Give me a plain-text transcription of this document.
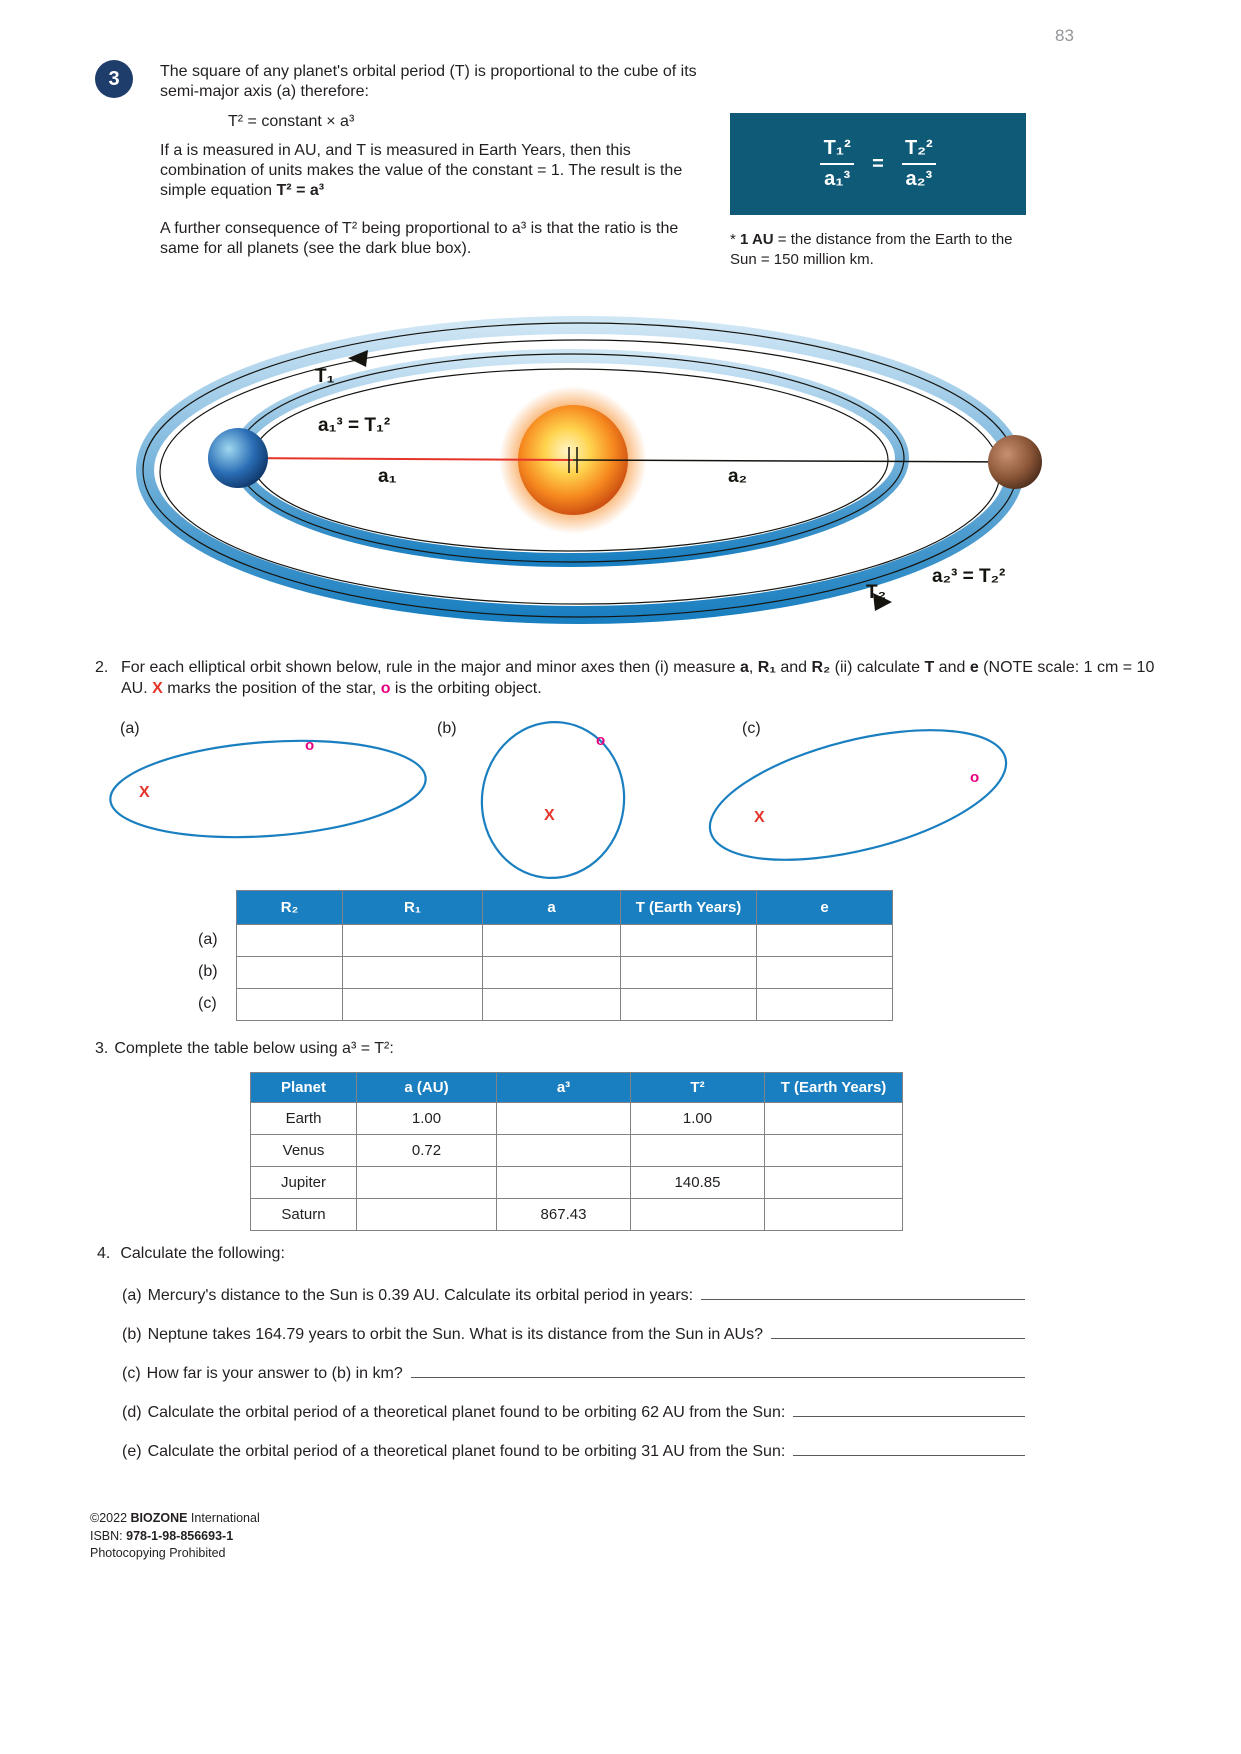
83
3	The square of any planet's orbital period (T) is proportional to the cube of its semi-major axis (a) therefore:

T² = constant × a³

If a is measured in AU, and T is measured in Earth Years, then this combination of units makes the value of the constant = 1. The result is the simple equation T² = a³

A further consequence of T² being proportional to a³ is that the ratio is the same for all planets (see the dark blue box).

$\frac{\text{T₁²}}{\text{a₁³}} = \frac{\text{T₂²}}{\text{a₂³}}$

* 1 AU = the distance from the Earth to the Sun = 150 million km.

T₁
a₁³ = T₁²
a₁	a₂
T₂
a₂³ = T₂²

2. For each elliptical orbit shown below, rule in the major and minor axes then (i) measure a, R₁ and R₂ (ii) calculate T and e (NOTE scale: 1 cm = 10 AU. X marks the position of the star, o is the orbiting object.

(a)
o
X
(b)
o
X
(c)
o
X
(a)
(b)
(c)
R₂	R₁	a	T (Earth Years)	e

3. Complete the table below using a³ = T²:

Planet	a (AU)	a³	T²	T (Earth Years)
Earth	1.00		1.00	
Venus	0.72			
Jupiter			140.85	
Saturn		867.43		

4. Calculate the following:

(a) Mercury's distance to the Sun is 0.39 AU. Calculate its orbital period in years:
(b) Neptune takes 164.79 years to orbit the Sun. What is its distance from the Sun in AUs?
(c) How far is your answer to (b) in km?
(d) Calculate the orbital period of a theoretical planet found to be orbiting 62 AU from the Sun:
(e) Calculate the orbital period of a theoretical planet found to be orbiting 31 AU from the Sun:
©2022 BIOZONE International
ISBN: 978-1-98-856693-1
Photocopying Prohibited
